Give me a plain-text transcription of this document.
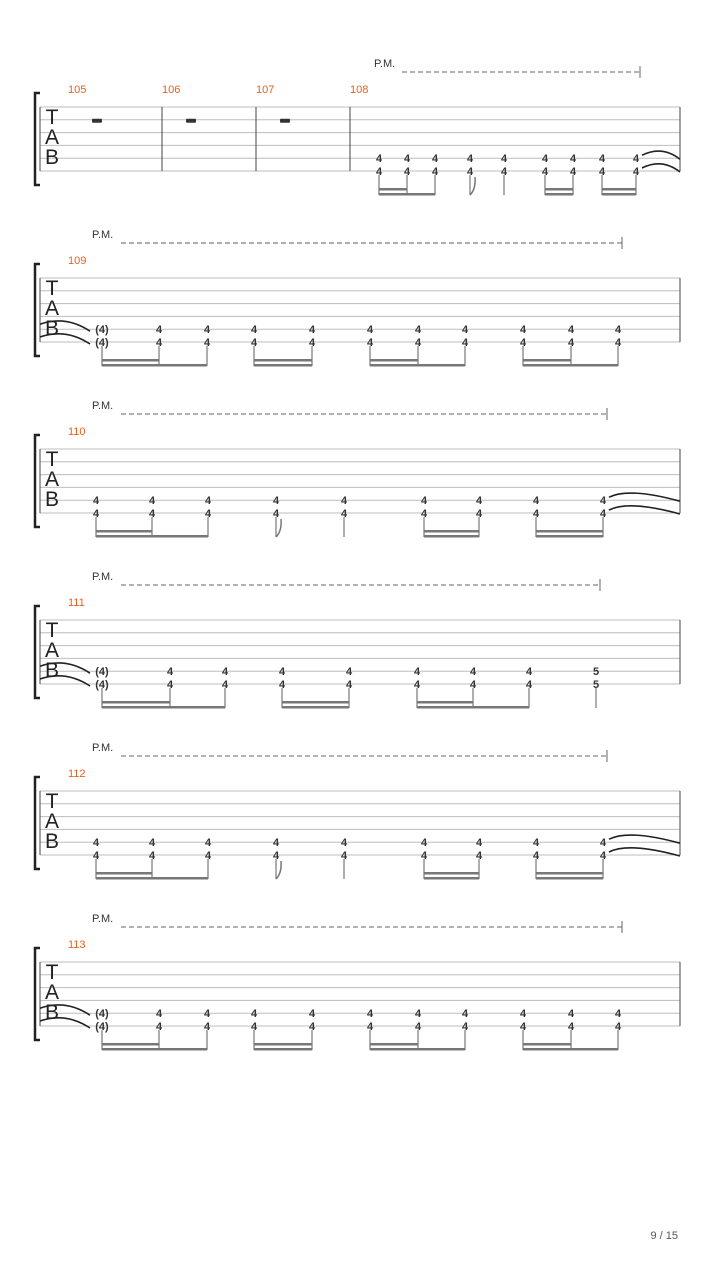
P.M.
T
A
B
105	106	107	108
4
4
4
4
4
4
4
4
4
4
4
4
4
4
4
4
4
4
P.M.
T
A
B
109
(4)
(4)
4
4
4
4
4
4
4
4
4
4
4
4
4
4
4
4
4
4
4
4
P.M.
T
A
B
110
4
4
4
4
4
4
4
4
4
4
4
4
4
4
4
4
4
4
P.M.
T
A
B
111
(4)
(4)
4
4
4
4
4
4
4
4
4
4
4
4
4
4
5
5
P.M.
T
A
B
112
4
4
4
4
4
4
4
4
4
4
4
4
4
4
4
4
4
4
P.M.
T
A
B
113
(4)
(4)
4
4
4
4
4
4
4
4
4
4
4
4
4
4
4
4
4
4
4
4
9 / 15
